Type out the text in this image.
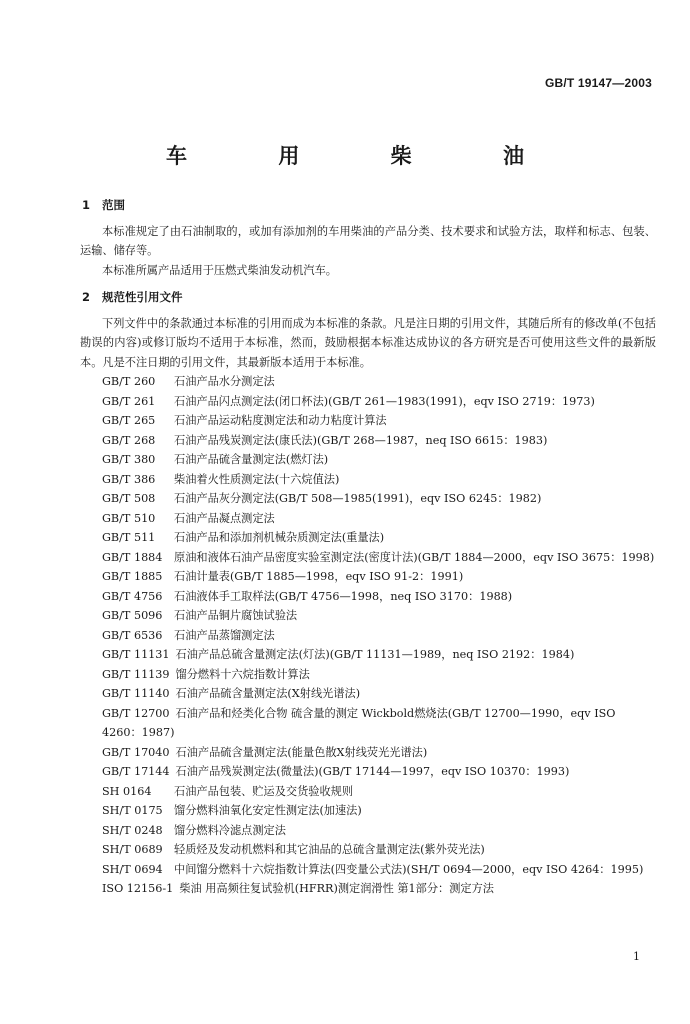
GB/T 19147—2003
车 用 柴 油
1 范围
本标准规定了由石油制取的，或加有添加剂的车用柴油的产品分类、技术要求和试验方法，取样和标志、包装、运输、储存等。
本标准所属产品适用于压燃式柴油发动机汽车。
2 规范性引用文件
下列文件中的条款通过本标准的引用而成为本标准的条款。凡是注日期的引用文件，其随后所有的修改单(不包括勘误的内容)或修订版均不适用于本标准，然而，鼓励根据本标准达成协议的各方研究是否可使用这些文件的最新版本。凡是不注日期的引用文件，其最新版本适用于本标准。
GB/T 260 石油产品水分测定法
GB/T 261 石油产品闪点测定法(闭口杯法)(GB/T 261—1983(1991)，eqv ISO 2719：1973)
GB/T 265 石油产品运动粘度测定法和动力粘度计算法
GB/T 268 石油产品残炭测定法(康氏法)(GB/T 268—1987，neq ISO 6615：1983)
GB/T 380 石油产品硫含量测定法(燃灯法)
GB/T 386 柴油着火性质测定法(十六烷值法)
GB/T 508 石油产品灰分测定法(GB/T 508—1985(1991)，eqv ISO 6245：1982)
GB/T 510 石油产品凝点测定法
GB/T 511 石油产品和添加剂机械杂质测定法(重量法)
GB/T 1884 原油和液体石油产品密度实验室测定法(密度计法)(GB/T 1884—2000，eqv ISO 3675：1998)
GB/T 1885 石油计量表(GB/T 1885—1998，eqv ISO 91-2：1991)
GB/T 4756 石油液体手工取样法(GB/T 4756—1998，neq ISO 3170：1988)
GB/T 5096 石油产品铜片腐蚀试验法
GB/T 6536 石油产品蒸馏测定法
GB/T 11131 石油产品总硫含量测定法(灯法)(GB/T 11131—1989，neq ISO 2192：1984)
GB/T 11139 馏分燃料十六烷指数计算法
GB/T 11140 石油产品硫含量测定法(X射线光谱法)
GB/T 12700 石油产品和烃类化合物 硫含量的测定 Wickbold燃烧法(GB/T 12700—1990，eqv ISO 4260：1987)
GB/T 17040 石油产品硫含量测定法(能量色散X射线荧光光谱法)
GB/T 17144 石油产品残炭测定法(微量法)(GB/T 17144—1997，eqv ISO 10370：1993)
SH 0164 石油产品包装、贮运及交货验收规则
SH/T 0175 馏分燃料油氧化安定性测定法(加速法)
SH/T 0248 馏分燃料冷滤点测定法
SH/T 0689 轻质烃及发动机燃料和其它油品的总硫含量测定法(紫外荧光法)
SH/T 0694 中间馏分燃料十六烷指数计算法(四变量公式法)(SH/T 0694—2000，eqv ISO 4264：1995)
ISO 12156-1 柴油 用高频往复试验机(HFRR)测定润滑性 第1部分：测定方法
1
